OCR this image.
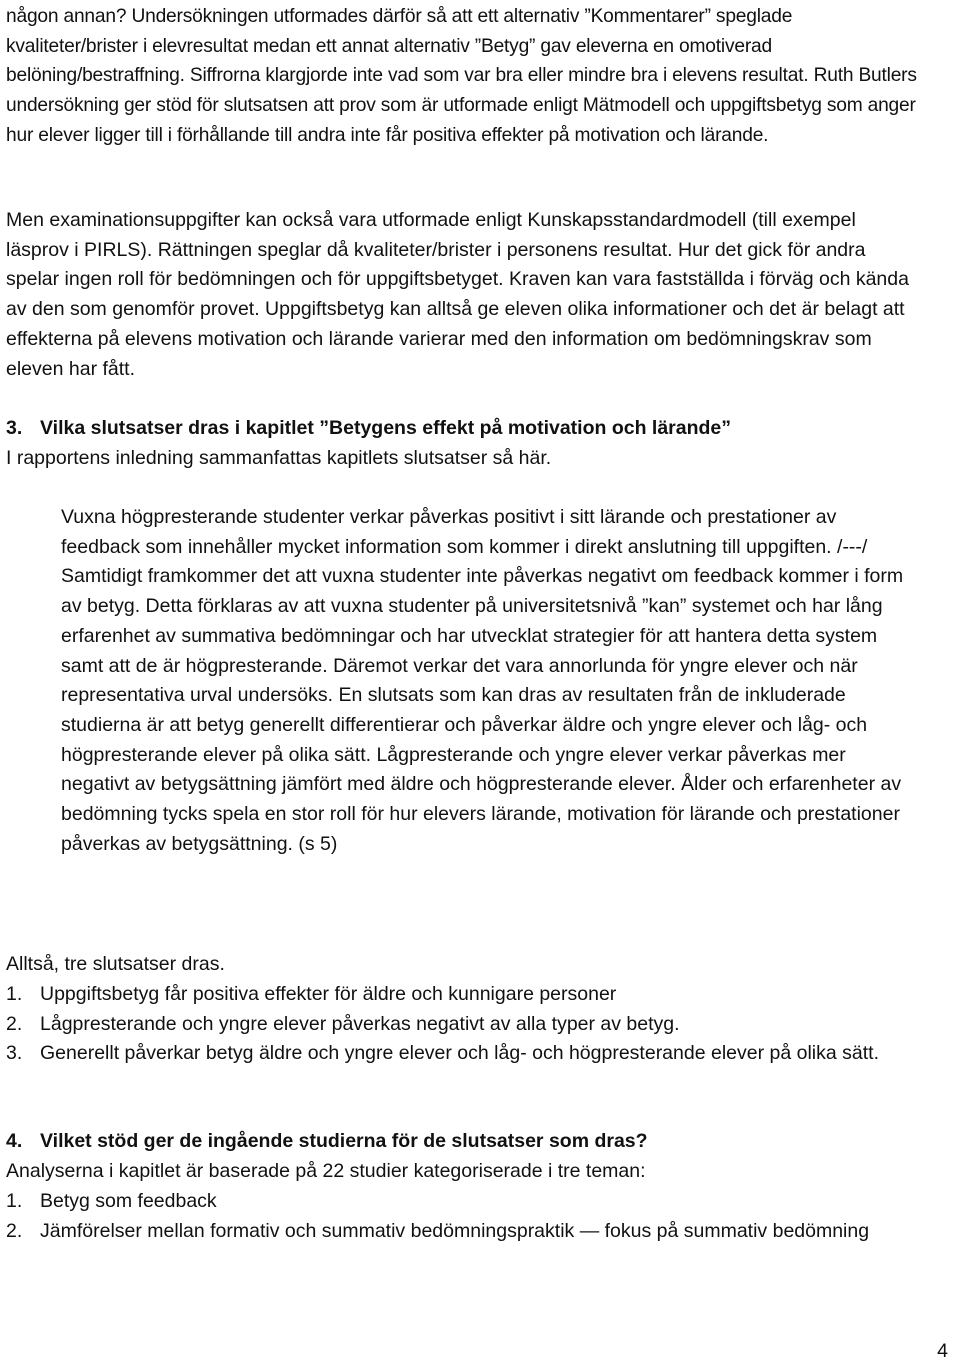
någon annan? Undersökningen utformades därför så att ett alternativ ”Kommentarer” speglade kvaliteter/brister i elevresultat medan ett annat alternativ ”Betyg” gav eleverna en omotiverad belöning/bestraffning. Siffrorna klargjorde inte vad som var bra eller mindre bra i elevens resultat. Ruth Butlers undersökning ger stöd för slutsatsen att prov som är utformade enligt Mätmodell och uppgiftsbetyg som anger hur elever ligger till i förhållande till andra inte får positiva effekter på motivation och lärande.

Men examinationsuppgifter kan också vara utformade enligt Kunskapsstandardmodell (till exempel läsprov i PIRLS). Rättningen speglar då kvaliteter/brister i personens resultat. Hur det gick för andra spelar ingen roll för bedömningen och för uppgiftsbetyget. Kraven kan vara fastställda i förväg och kända av den som genomför provet. Uppgiftsbetyg kan alltså ge eleven olika informationer och det är belagt att effekterna på elevens motivation och lärande varierar med den information om bedömningskrav som eleven har fått.

3. Vilka slutsatser dras i kapitlet ”Betygens effekt på motivation och lärande”

I rapportens inledning sammanfattas kapitlets slutsatser så här.

Vuxna högpresterande studenter verkar påverkas positivt i sitt lärande och prestationer av feedback som innehåller mycket information som kommer i direkt anslutning till uppgiften. /---/ Samtidigt framkommer det att vuxna studenter inte påverkas negativt om feedback kommer i form av betyg. Detta förklaras av att vuxna studenter på universitetsnivå ”kan” systemet och har lång erfarenhet av summativa bedömningar och har utvecklat strategier för att hantera detta system samt att de är högpresterande. Däremot verkar det vara annorlunda för yngre elever och när representativa urval undersöks. En slutsats som kan dras av resultaten från de inkluderade studierna är att betyg generellt differentierar och påverkar äldre och yngre elever och låg- och högpresterande elever på olika sätt. Lågpresterande och yngre elever verkar påverkas mer negativt av betygsättning jämfört med äldre och högpresterande elever. Ålder och erfarenheter av bedömning tycks spela en stor roll för hur elevers lärande, motivation för lärande och prestationer påverkas av betygsättning. (s 5)

Alltså, tre slutsatser dras.

1. Uppgiftsbetyg får positiva effekter för äldre och kunnigare personer
2. Lågpresterande och yngre elever påverkas negativt av alla typer av betyg.
3. Generellt påverkar betyg äldre och yngre elever och låg- och högpresterande elever på olika sätt.

4. Vilket stöd ger de ingående studierna för de slutsatser som dras?

Analyserna i kapitlet är baserade på 22 studier kategoriserade i tre teman:

1. Betyg som feedback
2. Jämförelser mellan formativ och summativ bedömningspraktik — fokus på summativ bedömning
4
